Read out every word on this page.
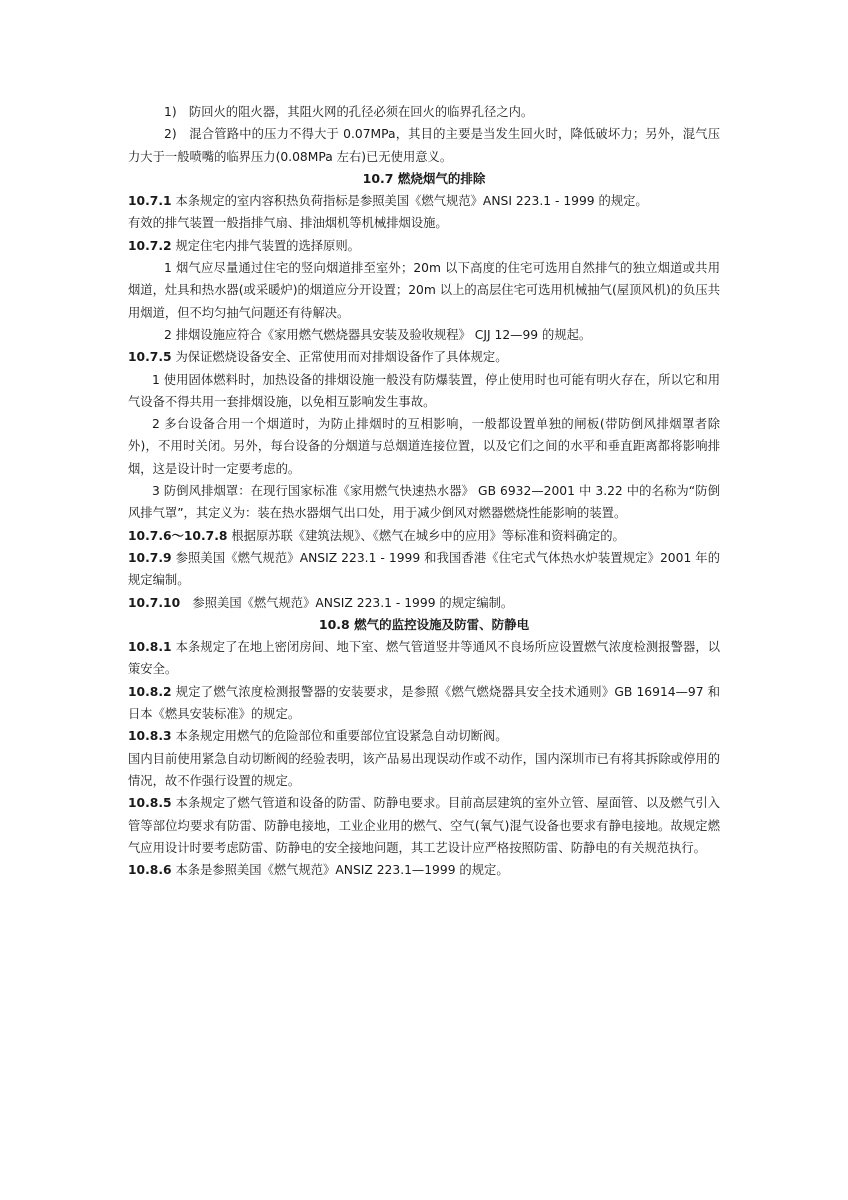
1)　防回火的阻火器，其阻火网的孔径必须在回火的临界孔径之内。

2)　混合管路中的压力不得大于 0.07MPa，其目的主要是当发生回火时，降低破坏力；另外，混气压力大于一般喷嘴的临界压力(0.08MPa 左右)已无使用意义。

10.7 燃烧烟气的排除

10.7.1 本条规定的室内容积热负荷指标是参照美国《燃气规范》ANSI 223.1 - 1999 的规定。

有效的排气装置一般指排气扇、排油烟机等机械排烟设施。

10.7.2 规定住宅内排气装置的选择原则。

1 烟气应尽量通过住宅的竖向烟道排至室外；20m 以下高度的住宅可选用自然排气的独立烟道或共用烟道，灶具和热水器(或采暖炉)的烟道应分开设置；20m 以上的高层住宅可选用机械抽气(屋顶风机)的负压共用烟道，但不均匀抽气问题还有待解决。

2 排烟设施应符合《家用燃气燃烧器具安装及验收规程》 CJJ 12—99 的规起。

10.7.5 为保证燃烧设备安全、正常使用而对排烟设备作了具体规定。

1 使用固体燃料时，加热设备的排烟设施一般没有防爆装置，停止使用时也可能有明火存在，所以它和用气设备不得共用一套排烟设施，以免相互影响发生事故。

2 多台设备合用一个烟道时，为防止排烟时的互相影响，一般都设置单独的闸板(带防倒风排烟罩者除外)，不用时关闭。另外，每台设备的分烟道与总烟道连接位置，以及它们之间的水平和垂直距离都将影响排烟，这是设计时一定要考虑的。

3 防倒风排烟罩：在现行国家标准《家用燃气快速热水器》 GB 6932—2001 中 3.22 中的名称为“防倒风排气罩”，其定义为：装在热水器烟气出口处，用于减少倒风对燃器燃烧性能影响的装置。

10.7.6～10.7.8 根据原苏联《建筑法规》、《燃气在城乡中的应用》等标准和资料确定的。

10.7.9 参照美国《燃气规范》ANSIZ 223.1 - 1999 和我国香港《住宅式气体热水炉装置规定》2001 年的规定编制。

10.7.10　参照美国《燃气规范》ANSIZ 223.1 - 1999 的规定编制。

10.8 燃气的监控设施及防雷、防静电

10.8.1 本条规定了在地上密闭房间、地下室、燃气管道竖井等通风不良场所应设置燃气浓度检测报警器，以策安全。

10.8.2 规定了燃气浓度检测报警器的安装要求，是参照《燃气燃烧器具安全技术通则》GB 16914—97 和日本《燃具安装标准》的规定。

10.8.3 本条规定用燃气的危险部位和重要部位宜设紧急自动切断阀。

国内目前使用紧急自动切断阀的经验表明，该产品易出现误动作或不动作，国内深圳市已有将其拆除或停用的情况，故不作强行设置的规定。

10.8.5 本条规定了燃气管道和设备的防雷、防静电要求。目前高层建筑的室外立管、屋面管、以及燃气引入管等部位均要求有防雷、防静电接地，工业企业用的燃气、空气(氧气)混气设备也要求有静电接地。故规定燃气应用设计时要考虑防雷、防静电的安全接地问题，其工艺设计应严格按照防雷、防静电的有关规范执行。

10.8.6 本条是参照美国《燃气规范》ANSIZ 223.1—1999 的规定。
